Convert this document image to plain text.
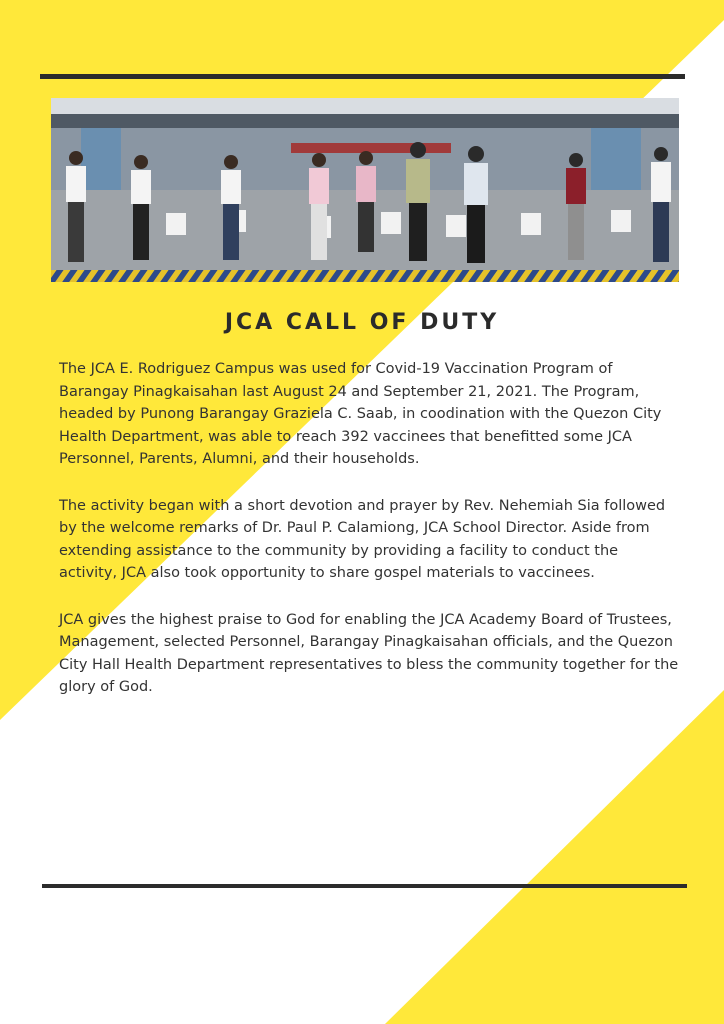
JCA CALL OF DUTY

The JCA E. Rodriguez Campus was used for Covid-19 Vaccination Program of Barangay Pinagkaisahan last August 24 and September 21, 2021. The Program, headed by Punong Barangay Graziela C. Saab, in coodination with the Quezon City Health Department, was able to reach 392 vaccinees that benefitted some JCA Personnel, Parents, Alumni, and their households.

The activity began with a short devotion and prayer by Rev. Nehemiah Sia followed by the welcome remarks of Dr. Paul P. Calamiong, JCA School Director. Aside from extending assistance to the community by providing a facility to conduct the activity, JCA also took opportunity to share gospel materials to vaccinees.

JCA gives the highest praise to God for enabling the JCA Academy Board of Trustees, Management, selected Personnel, Barangay Pinagkaisahan officials, and the Quezon City Hall Health Department representatives to bless the community together for the glory of God.
